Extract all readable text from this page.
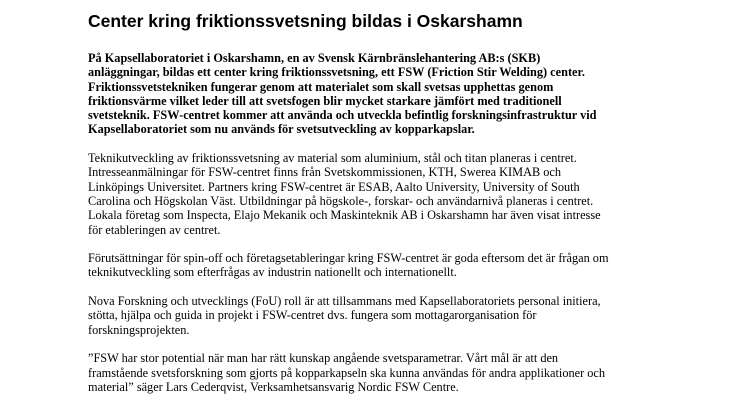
Center kring friktionssvetsning bildas i Oskarshamn

På Kapsellaboratoriet i Oskarshamn, en av Svensk Kärnbränslehantering AB:s (SKB)
anläggningar, bildas ett center kring friktionssvetsning, ett FSW (Friction Stir Welding) center.
Friktionssvetstekniken fungerar genom att materialet som skall svetsas upphettas genom
friktionsvärme vilket leder till att svetsfogen blir mycket starkare jämfört med traditionell
svetsteknik. FSW-centret kommer att använda och utveckla befintlig forskningsinfrastruktur vid
Kapsellaboratoriet som nu används för svetsutveckling av kopparkapslar.

Teknikutveckling av friktionssvetsning av material som aluminium, stål och titan planeras i centret.
Intresseanmälningar för FSW-centret finns från Svetskommissionen, KTH, Swerea KIMAB och
Linköpings Universitet. Partners kring FSW-centret är ESAB, Aalto University, University of South
Carolina och Högskolan Väst. Utbildningar på högskole-, forskar- och användarnivå planeras i centret.
Lokala företag som Inspecta, Elajo Mekanik och Maskinteknik AB i Oskarshamn har även visat intresse
för etableringen av centret.

Förutsättningar för spin-off och företagsetableringar kring FSW-centret är goda eftersom det är frågan om
teknikutveckling som efterfrågas av industrin nationellt och internationellt.

Nova Forskning och utvecklings (FoU) roll är att tillsammans med Kapsellaboratoriets personal initiera,
stötta, hjälpa och guida in projekt i FSW-centret dvs. fungera som mottagarorganisation för
forskningsprojekten.

”FSW har stor potential när man har rätt kunskap angående svetsparametrar. Vårt mål är att den
framstående svetsforskning som gjorts på kopparkapseln ska kunna användas för andra applikationer och
material” säger Lars Cederqvist, Verksamhetsansvarig Nordic FSW Centre.
